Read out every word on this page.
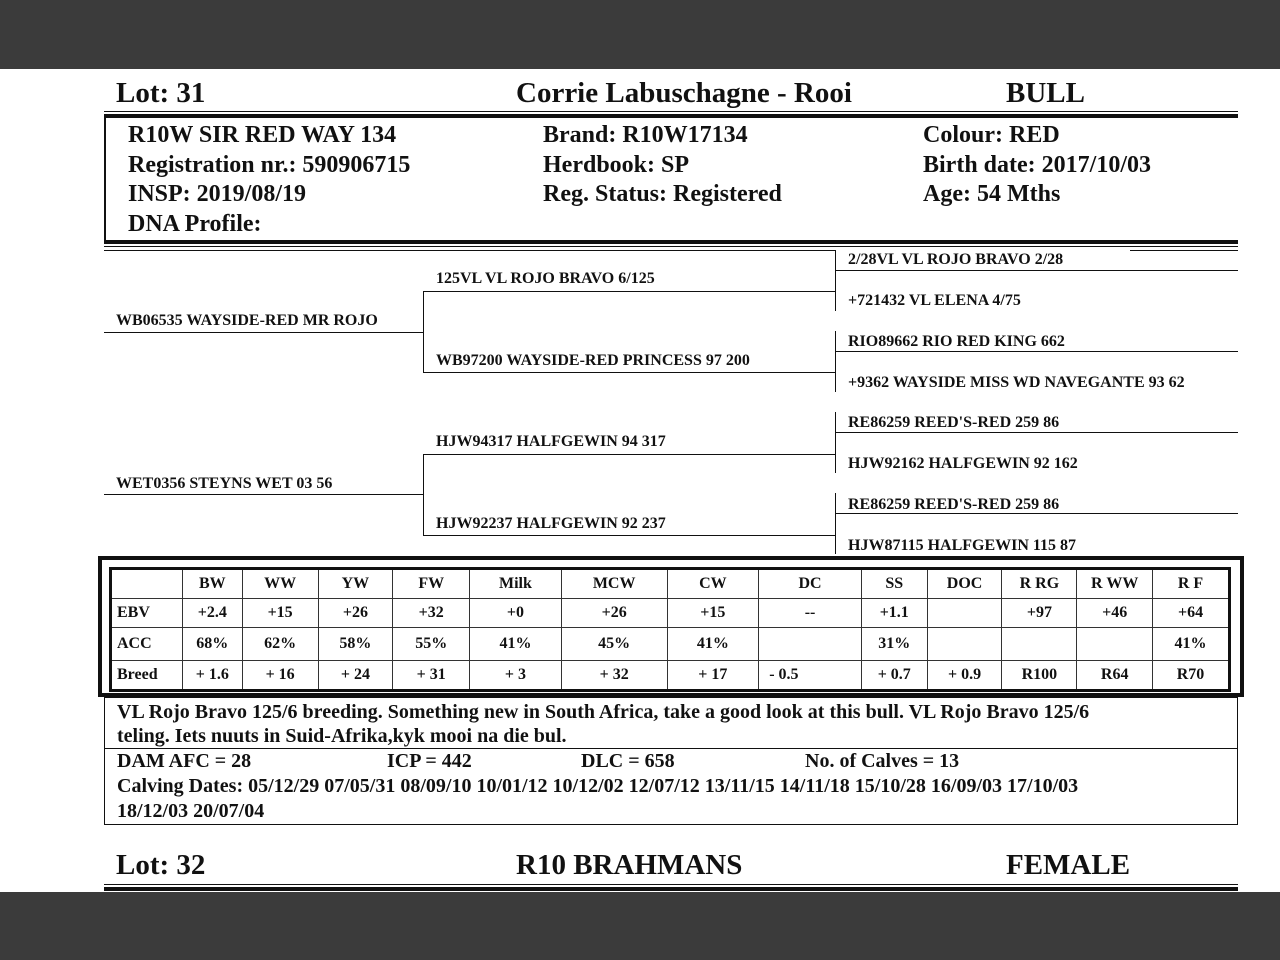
Lot: 31	Corrie Labuschagne - Rooi	BULL
R10W SIR RED WAY 134
Registration nr.: 590906715
INSP: 2019/08/19
DNA Profile:
Brand: R10W17134
Herdbook: SP
Reg. Status: Registered
Colour: RED
Birth date: 2017/10/03
Age: 54 Mths
WB06535 WAYSIDE-RED MR ROJO
WET0356 STEYNS WET 03 56
125VL VL ROJO BRAVO 6/125
WB97200 WAYSIDE-RED PRINCESS 97 200
HJW94317 HALFGEWIN 94 317
HJW92237 HALFGEWIN 92 237
2/28VL VL ROJO BRAVO 2/28
+721432 VL ELENA 4/75
RIO89662 RIO RED KING 662
+9362 WAYSIDE MISS WD NAVEGANTE 93 62
RE86259 REED'S-RED 259 86
HJW92162 HALFGEWIN 92 162
RE86259 REED'S-RED 259 86
HJW87115 HALFGEWIN 115 87
	BW	WW	YW	FW	Milk	MCW	CW	DC	SS	DOC	R RG	R WW	R F
EBV	+2.4	+15	+26	+32	+0	+26	+15	--	+1.1		+97	+46	+64
ACC	68%	62%	58%	55%	41%	45%	41%		31%				41%
Breed	+ 1.6	+ 16	+ 24	+ 31	+ 3	+ 32	+ 17	- 0.5	+ 0.7	+ 0.9	R100	R64	R70
VL Rojo Bravo 125/6 breeding. Something new in South Africa, take a good look at this bull. VL Rojo Bravo 125/6
teling. Iets nuuts in Suid-Afrika,kyk mooi na die bul.
DAM AFC = 28	ICP = 442	DLC = 658	No. of Calves = 13
Calving Dates: 05/12/29 07/05/31 08/09/10 10/01/12 10/12/02 12/07/12 13/11/15 14/11/18 15/10/28 16/09/03 17/10/03
18/12/03 20/07/04
Lot: 32	R10 BRAHMANS	FEMALE
